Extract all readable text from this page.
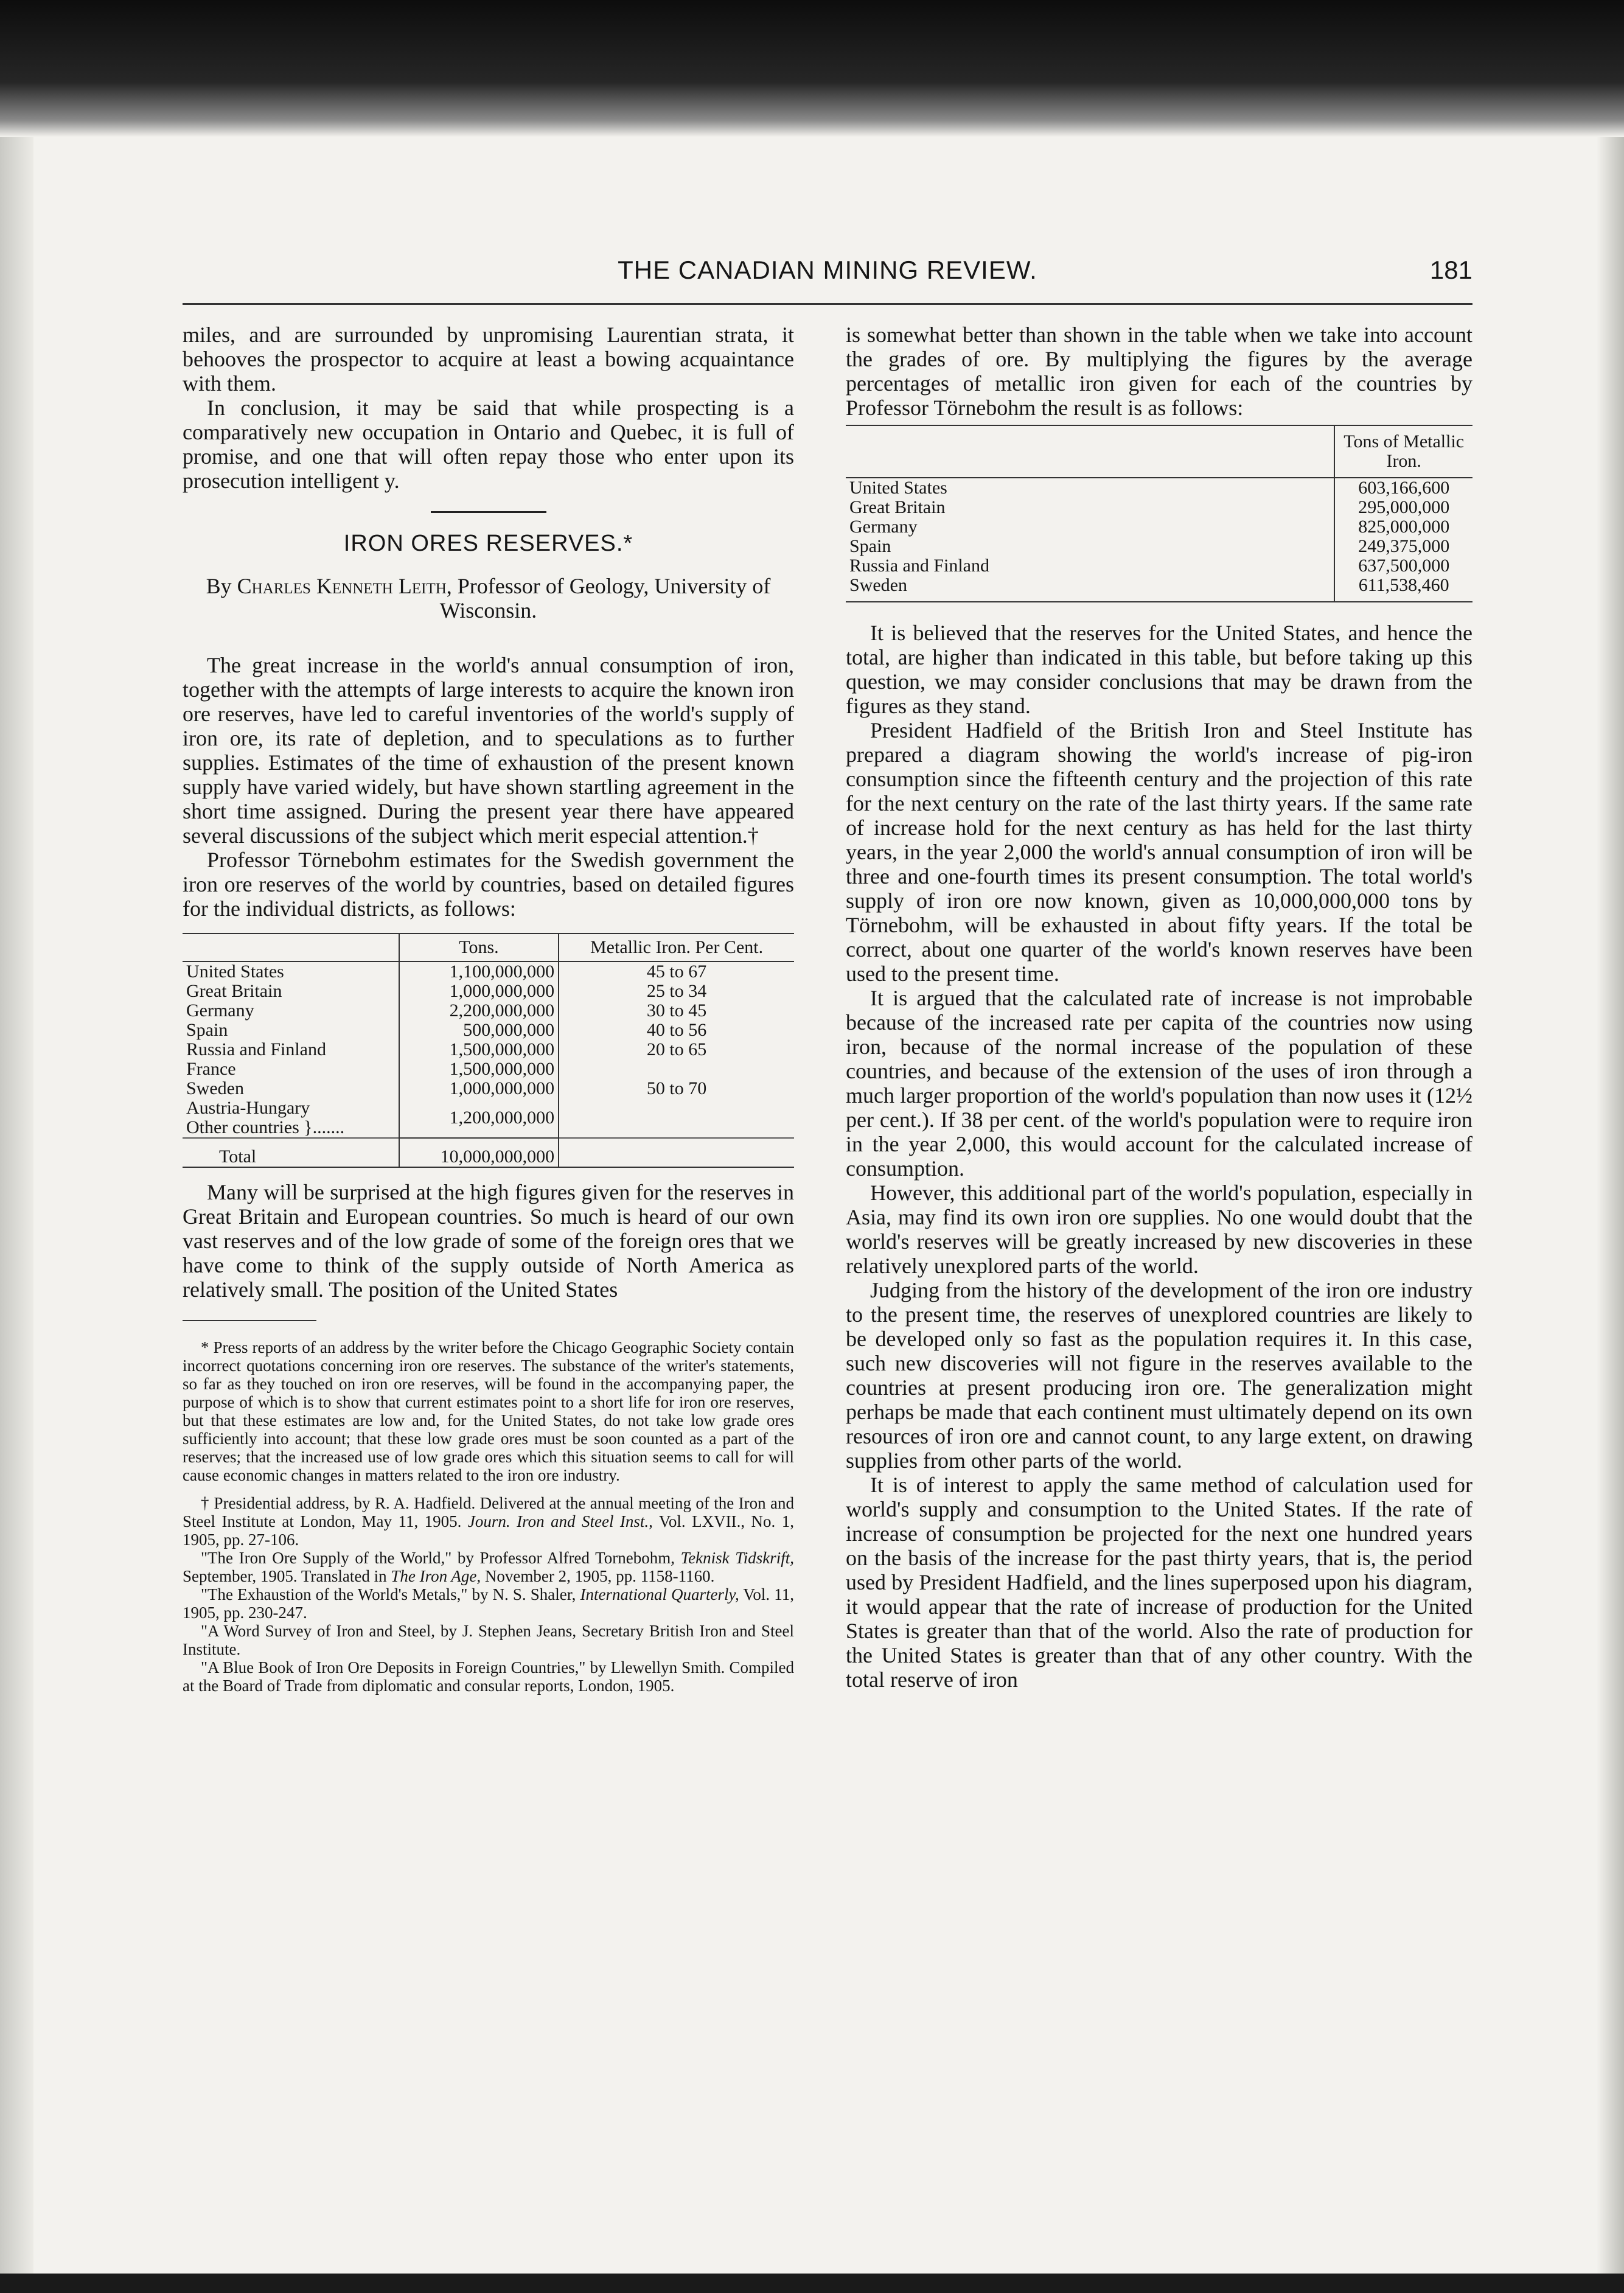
THE CANADIAN MINING REVIEW.	181

miles, and are surrounded by unpromising Laurentian strata, it behooves the prospector to acquire at least a bowing acquaintance with them.

In conclusion, it may be said that while prospecting is a comparatively new occupation in Ontario and Quebec, it is full of promise, and one that will often repay those who enter upon its prosecution intelligent y.

IRON ORES RESERVES.*
By Charles Kenneth Leith, Professor of Geology, University of Wisconsin.

The great increase in the world's annual consumption of iron, together with the attempts of large interests to acquire the known iron ore reserves, have led to careful inventories of the world's supply of iron ore, its rate of depletion, and to speculations as to further supplies. Estimates of the time of exhaustion of the present known supply have varied widely, but have shown startling agreement in the short time assigned. During the present year there have appeared several discussions of the subject which merit especial attention.†

Professor Törnebohm estimates for the Swedish government the iron ore reserves of the world by countries, based on detailed figures for the individual districts, as follows:

	Tons.	Metallic Iron. Per Cent.
United States	1,100,000,000	45 to 67
Great Britain	1,000,000,000	25 to 34
Germany	2,200,000,000	30 to 45
Spain	500,000,000	40 to 56
Russia and Finland	1,500,000,000	20 to 65
France	1,500,000,000	
Sweden	1,000,000,000	50 to 70
Austria-Hungary
Other countries }.......	1,200,000,000	
Total	10,000,000,000	

Many will be surprised at the high figures given for the reserves in Great Britain and European countries. So much is heard of our own vast reserves and of the low grade of some of the foreign ores that we have come to think of the supply outside of North America as relatively small. The position of the United States

* Press reports of an address by the writer before the Chicago Geographic Society contain incorrect quotations concerning iron ore reserves. The substance of the writer's statements, so far as they touched on iron ore reserves, will be found in the accompanying paper, the purpose of which is to show that current estimates point to a short life for iron ore reserves, but that these estimates are low and, for the United States, do not take low grade ores sufficiently into account; that these low grade ores must be soon counted as a part of the reserves; that the increased use of low grade ores which this situation seems to call for will cause economic changes in matters related to the iron ore industry.

† Presidential address, by R. A. Hadfield. Delivered at the annual meeting of the Iron and Steel Institute at London, May 11, 1905. Journ. Iron and Steel Inst., Vol. LXVII., No. 1, 1905, pp. 27-106.

"The Iron Ore Supply of the World," by Professor Alfred Tornebohm, Teknisk Tidskrift, September, 1905. Translated in The Iron Age, November 2, 1905, pp. 1158-1160.

"The Exhaustion of the World's Metals," by N. S. Shaler, International Quarterly, Vol. 11, 1905, pp. 230-247.

"A Word Survey of Iron and Steel, by J. Stephen Jeans, Secretary British Iron and Steel Institute.

"A Blue Book of Iron Ore Deposits in Foreign Countries," by Llewellyn Smith. Compiled at the Board of Trade from diplomatic and consular reports, London, 1905.

is somewhat better than shown in the table when we take into account the grades of ore. By multiplying the figures by the average percentages of metallic iron given for each of the countries by Professor Törnebohm the result is as follows:

	Tons of Metallic Iron.
United States	603,166,600
Great Britain	295,000,000
Germany	825,000,000
Spain	249,375,000
Russia and Finland	637,500,000
Sweden	611,538,460

It is believed that the reserves for the United States, and hence the total, are higher than indicated in this table, but before taking up this question, we may consider conclusions that may be drawn from the figures as they stand.

President Hadfield of the British Iron and Steel Institute has prepared a diagram showing the world's increase of pig-iron consumption since the fifteenth century and the projection of this rate for the next century on the rate of the last thirty years. If the same rate of increase hold for the next century as has held for the last thirty years, in the year 2,000 the world's annual consumption of iron will be three and one-fourth times its present consumption. The total world's supply of iron ore now known, given as 10,000,000,000 tons by Törnebohm, will be exhausted in about fifty years. If the total be correct, about one quarter of the world's known reserves have been used to the present time.

It is argued that the calculated rate of increase is not improbable because of the increased rate per capita of the countries now using iron, because of the normal increase of the population of these countries, and because of the extension of the uses of iron through a much larger proportion of the world's population than now uses it (12½ per cent.). If 38 per cent. of the world's population were to require iron in the year 2,000, this would account for the calculated increase of consumption.

However, this additional part of the world's population, especially in Asia, may find its own iron ore supplies. No one would doubt that the world's reserves will be greatly increased by new discoveries in these relatively unexplored parts of the world.

Judging from the history of the development of the iron ore industry to the present time, the reserves of unexplored countries are likely to be developed only so fast as the population requires it. In this case, such new discoveries will not figure in the reserves available to the countries at present producing iron ore. The generalization might perhaps be made that each continent must ultimately depend on its own resources of iron ore and cannot count, to any large extent, on drawing supplies from other parts of the world.

It is of interest to apply the same method of calculation used for world's supply and consumption to the United States. If the rate of increase of consumption be projected for the next one hundred years on the basis of the increase for the past thirty years, that is, the period used by President Hadfield, and the lines superposed upon his diagram, it would appear that the rate of increase of production for the United States is greater than that of the world. Also the rate of production for the United States is greater than that of any other country. With the total reserve of iron
